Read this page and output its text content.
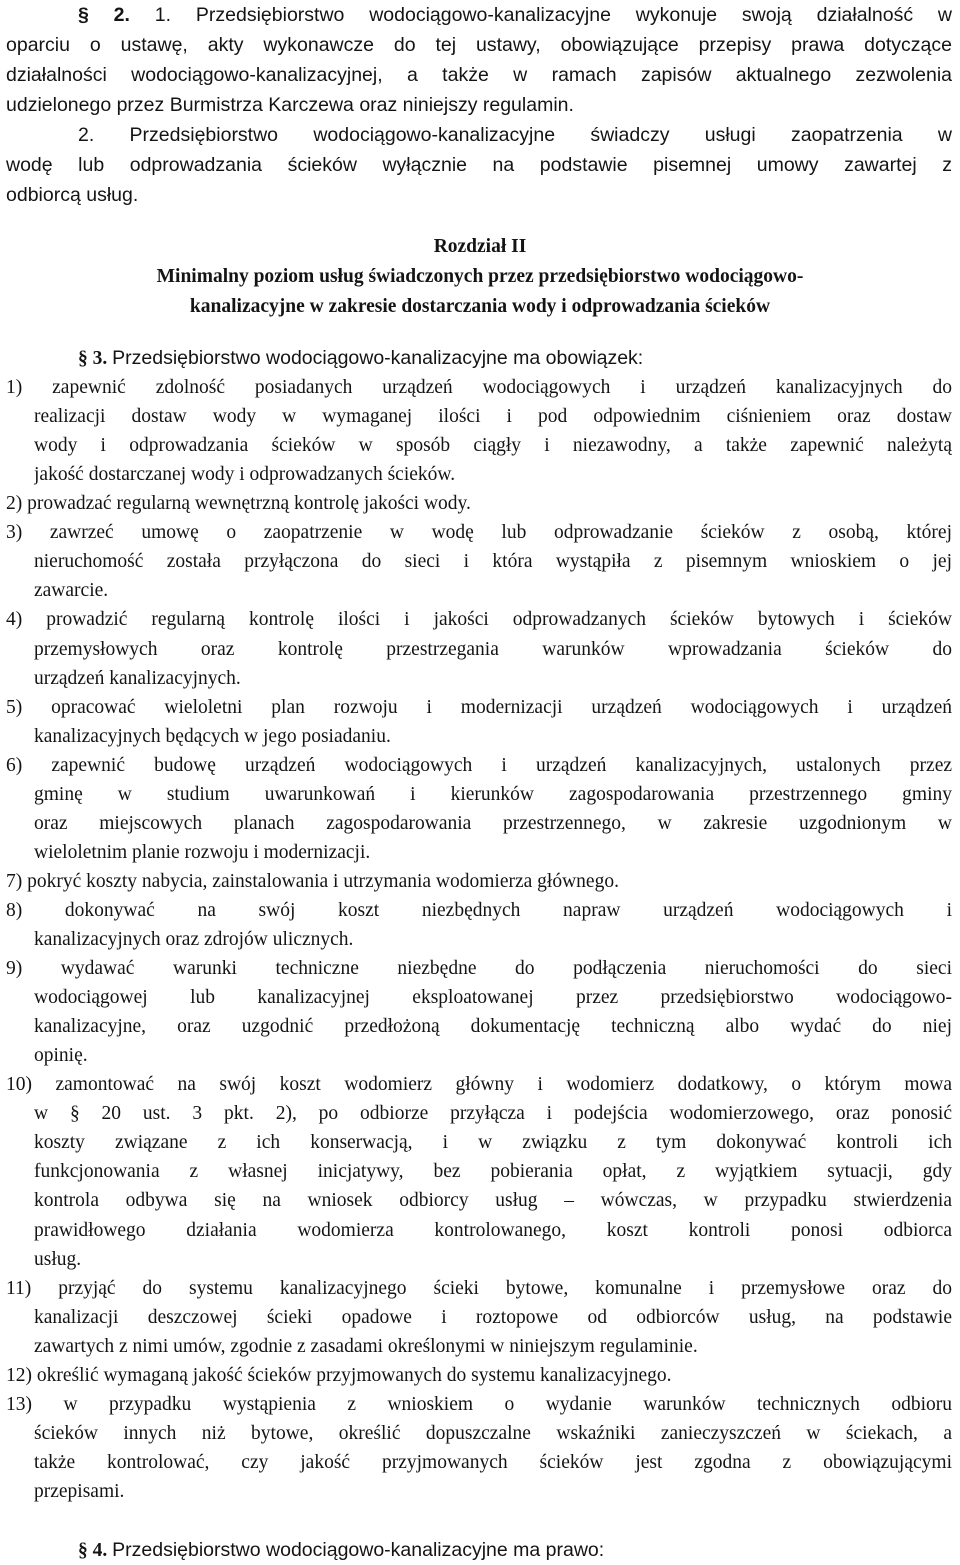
§ 2. 1. Przedsiębiorstwo wodociągowo-kanalizacyjne wykonuje swoją działalność w
oparciu o ustawę, akty wykonawcze do tej ustawy, obowiązujące przepisy prawa dotyczące
działalności wodociągowo-kanalizacyjnej, a także w ramach zapisów aktualnego zezwolenia
udzielonego przez Burmistrza Karczewa oraz niniejszy regulamin.
2. Przedsiębiorstwo wodociągowo-kanalizacyjne świadczy usługi zaopatrzenia w
wodę lub odprowadzania ścieków wyłącznie na podstawie pisemnej umowy zawartej z
odbiorcą usług.
Rozdział II
Minimalny poziom usług świadczonych przez przedsiębiorstwo wodociągowo-
kanalizacyjne w zakresie dostarczania wody i odprowadzania ścieków
§ 3. Przedsiębiorstwo wodociągowo-kanalizacyjne ma obowiązek:
1) zapewnić zdolność posiadanych urządzeń wodociągowych i urządzeń kanalizacyjnych do
realizacji dostaw wody w wymaganej ilości i pod odpowiednim ciśnieniem oraz dostaw
wody i odprowadzania ścieków w sposób ciągły i niezawodny, a także zapewnić należytą
jakość dostarczanej wody i odprowadzanych ścieków.
2) prowadzać regularną wewnętrzną kontrolę jakości wody.
3) zawrzeć umowę o zaopatrzenie w wodę lub odprowadzanie ścieków z osobą, której
nieruchomość została przyłączona do sieci i która wystąpiła z pisemnym wnioskiem o jej
zawarcie.
4) prowadzić regularną kontrolę ilości i jakości odprowadzanych ścieków bytowych i ścieków
przemysłowych oraz kontrolę przestrzegania warunków wprowadzania ścieków do
urządzeń kanalizacyjnych.
5) opracować wieloletni plan rozwoju i modernizacji urządzeń wodociągowych i urządzeń
kanalizacyjnych będących w jego posiadaniu.
6) zapewnić budowę urządzeń wodociągowych i urządzeń kanalizacyjnych, ustalonych przez
gminę w studium uwarunkowań i kierunków zagospodarowania przestrzennego gminy
oraz miejscowych planach zagospodarowania przestrzennego, w zakresie uzgodnionym w
wieloletnim planie rozwoju i modernizacji.
7) pokryć koszty nabycia, zainstalowania i utrzymania wodomierza głównego.
8) dokonywać na swój koszt niezbędnych napraw urządzeń wodociągowych i
kanalizacyjnych oraz zdrojów ulicznych.
9) wydawać warunki techniczne niezbędne do podłączenia nieruchomości do sieci
wodociągowej lub kanalizacyjnej eksploatowanej przez przedsiębiorstwo wodociągowo-
kanalizacyjne, oraz uzgodnić przedłożoną dokumentację techniczną albo wydać do niej
opinię.
10) zamontować na swój koszt wodomierz główny i wodomierz dodatkowy, o którym mowa
w § 20 ust. 3 pkt. 2), po odbiorze przyłącza i podejścia wodomierzowego, oraz ponosić
koszty związane z ich konserwacją, i w związku z tym dokonywać kontroli ich
funkcjonowania z własnej inicjatywy, bez pobierania opłat, z wyjątkiem sytuacji, gdy
kontrola odbywa się na wniosek odbiorcy usług – wówczas, w przypadku stwierdzenia
prawidłowego działania wodomierza kontrolowanego, koszt kontroli ponosi odbiorca
usług.
11) przyjąć do systemu kanalizacyjnego ścieki bytowe, komunalne i przemysłowe oraz do
kanalizacji deszczowej ścieki opadowe i roztopowe od odbiorców usług, na podstawie
zawartych z nimi umów, zgodnie z zasadami określonymi w niniejszym regulaminie.
12) określić wymaganą jakość ścieków przyjmowanych do systemu kanalizacyjnego.
13) w przypadku wystąpienia z wnioskiem o wydanie warunków technicznych odbioru
ścieków innych niż bytowe, określić dopuszczalne wskaźniki zanieczyszczeń w ściekach, a
także kontrolować, czy jakość przyjmowanych ścieków jest zgodna z obowiązującymi
przepisami.
§ 4. Przedsiębiorstwo wodociągowo-kanalizacyjne ma prawo:
